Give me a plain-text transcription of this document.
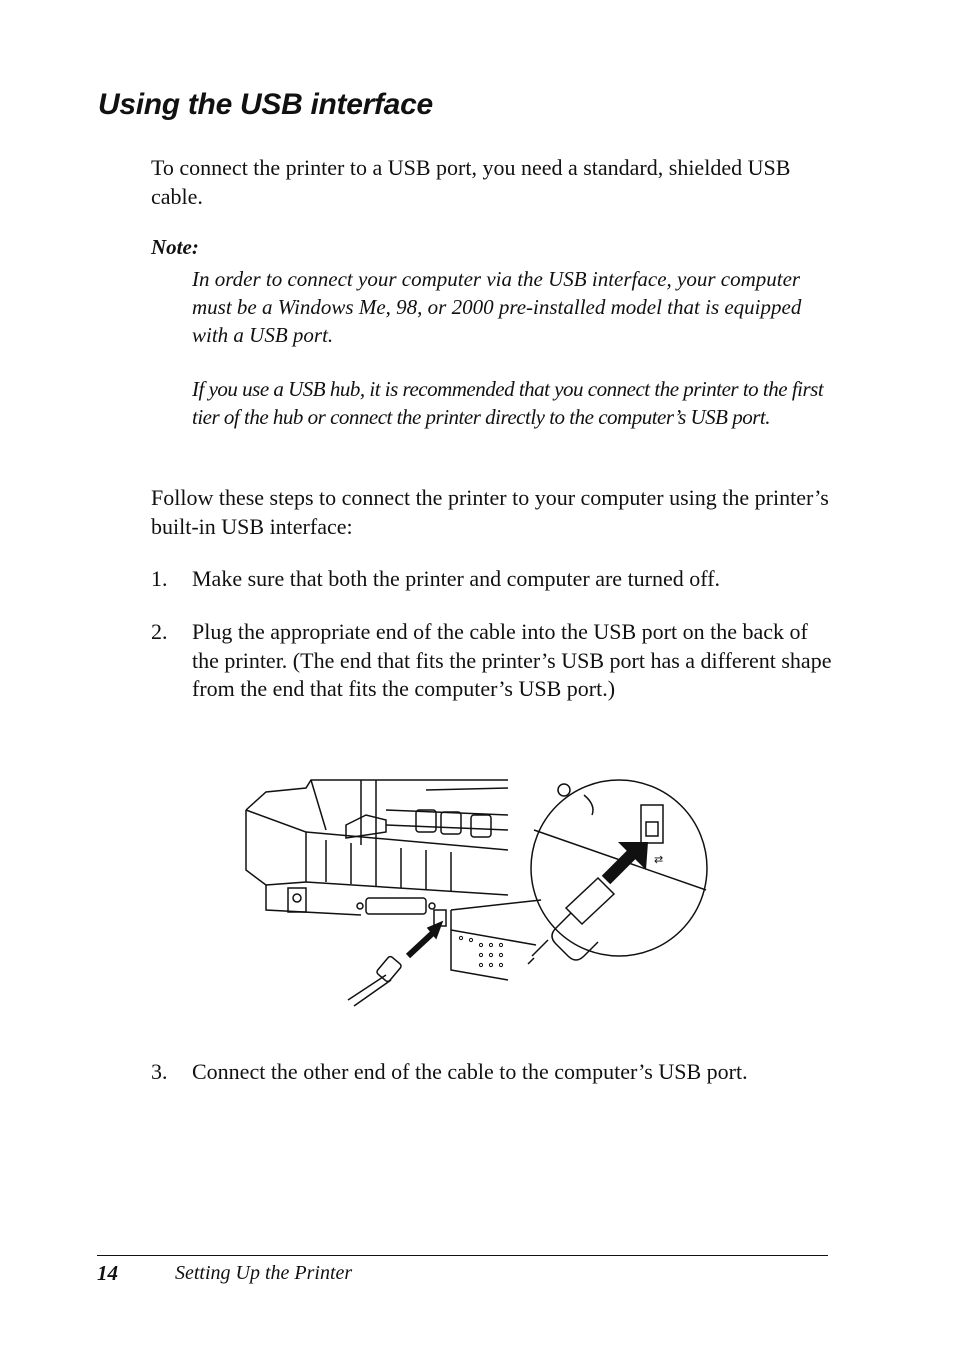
Using the USB interface

To connect the printer to a USB port, you need a standard, shielded USB cable.

Note:

In order to connect your computer via the USB interface, your computer must be a Windows Me, 98, or 2000 pre-installed model that is equipped with a USB port.

If you use a USB hub, it is recommended that you connect the printer to the first tier of the hub or connect the printer directly to the computer’s USB port.

Follow these steps to connect the printer to your computer using the printer’s built-in USB interface:

1. Make sure that both the printer and computer are turned off.
2. Plug the appropriate end of the cable into the USB port on the back of the printer. (The end that fits the printer’s USB port has a different shape from the end that fits the computer’s USB port.)
⇄
3. Connect the other end of the cable to the computer’s USB port.
14	Setting Up the Printer
